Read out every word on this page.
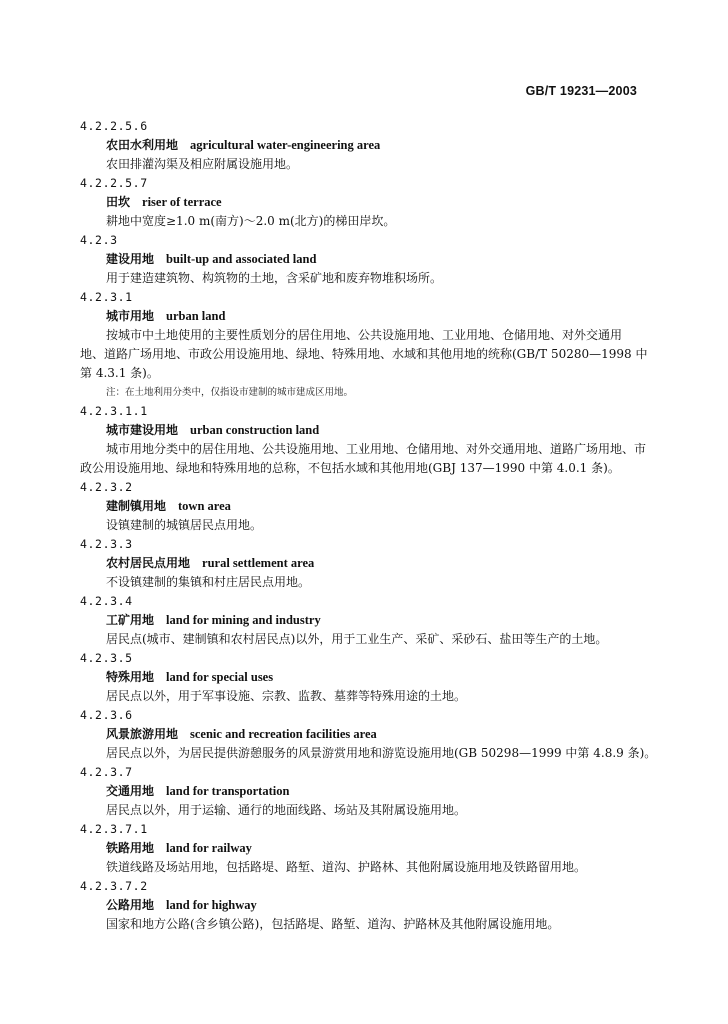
GB/T 19231—2003
4.2.2.5.6
农田水利用地 agricultural water-engineering area
农田排灌沟渠及相应附属设施用地。
4.2.2.5.7
田坎 riser of terrace
耕地中宽度≥1.0 m(南方)～2.0 m(北方)的梯田岸坎。
4.2.3
建设用地 built-up and associated land
用于建造建筑物、构筑物的土地，含采矿地和废弃物堆积场所。
4.2.3.1
城市用地 urban land
按城市中土地使用的主要性质划分的居住用地、公共设施用地、工业用地、仓储用地、对外交通用
地、道路广场用地、市政公用设施用地、绿地、特殊用地、水域和其他用地的统称(GB/T 50280—1998 中
第 4.3.1 条)。
注：在土地利用分类中，仅指设市建制的城市建成区用地。
4.2.3.1.1
城市建设用地 urban construction land
城市用地分类中的居住用地、公共设施用地、工业用地、仓储用地、对外交通用地、道路广场用地、市
政公用设施用地、绿地和特殊用地的总称，不包括水域和其他用地(GBJ 137—1990 中第 4.0.1 条)。
4.2.3.2
建制镇用地 town area
设镇建制的城镇居民点用地。
4.2.3.3
农村居民点用地 rural settlement area
不设镇建制的集镇和村庄居民点用地。
4.2.3.4
工矿用地 land for mining and industry
居民点(城市、建制镇和农村居民点)以外，用于工业生产、采矿、采砂石、盐田等生产的土地。
4.2.3.5
特殊用地 land for special uses
居民点以外，用于军事设施、宗教、监教、墓葬等特殊用途的土地。
4.2.3.6
风景旅游用地 scenic and recreation facilities area
居民点以外，为居民提供游憩服务的风景游赏用地和游览设施用地(GB 50298—1999 中第 4.8.9 条)。
4.2.3.7
交通用地 land for transportation
居民点以外，用于运输、通行的地面线路、场站及其附属设施用地。
4.2.3.7.1
铁路用地 land for railway
铁道线路及场站用地，包括路堤、路堑、道沟、护路林、其他附属设施用地及铁路留用地。
4.2.3.7.2
公路用地 land for highway
国家和地方公路(含乡镇公路)，包括路堤、路堑、道沟、护路林及其他附属设施用地。
